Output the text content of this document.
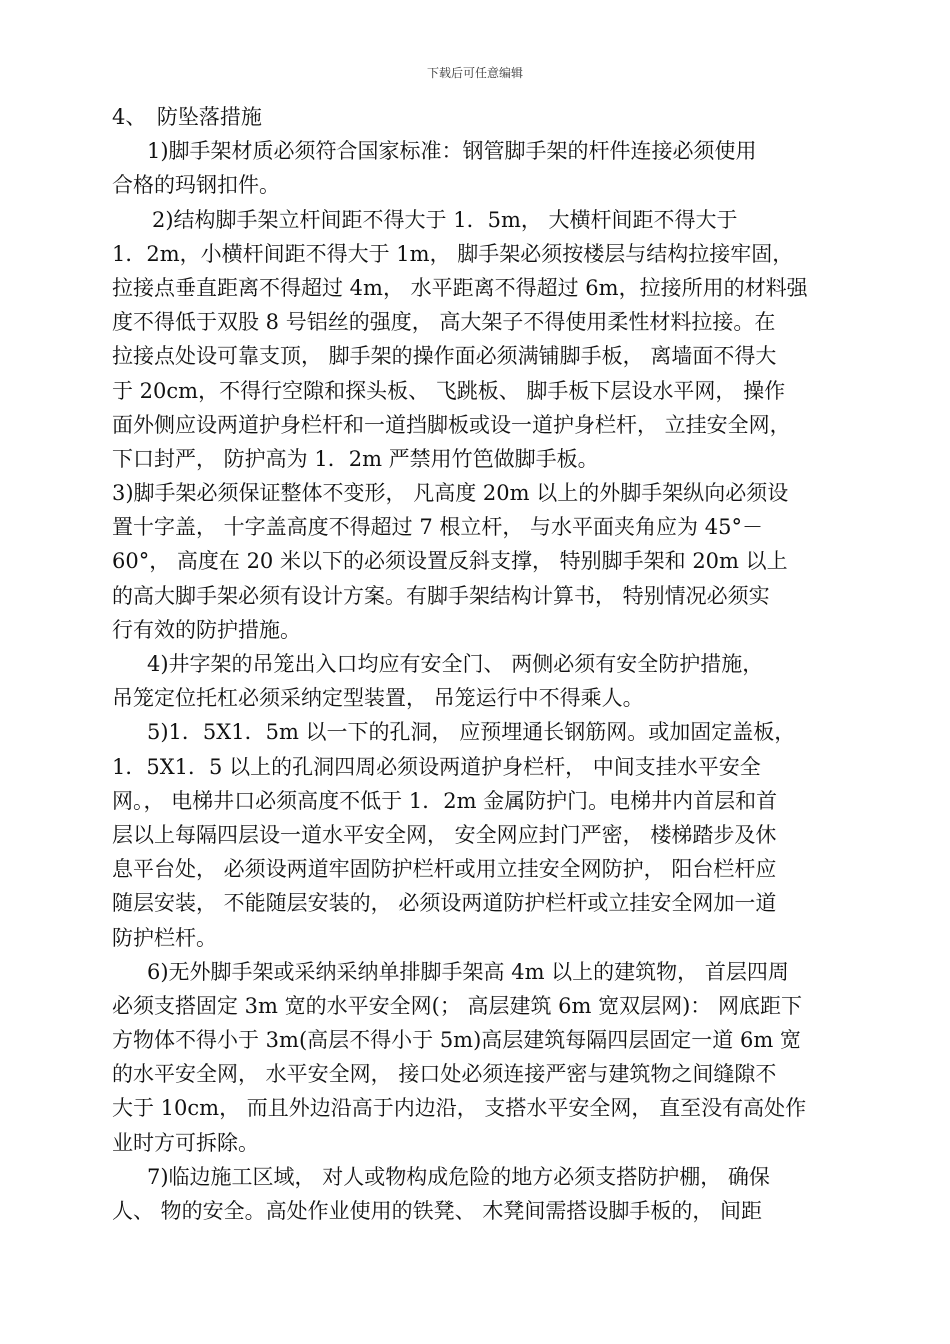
下载后可任意编辑
4、　防坠落措施
1)脚手架材质必须符合国家标准：钢管脚手架的杆件连接必须使用
合格的玛钢扣件。
2)结构脚手架立杆间距不得大于 1．5m， 大横杆间距不得大于
1．2m，小横杆间距不得大于 1m， 脚手架必须按楼层与结构拉接牢固，
拉接点垂直距离不得超过 4m， 水平距离不得超过 6m，拉接所用的材料强
度不得低于双股 8 号铝丝的强度， 高大架子不得使用柔性材料拉接。在
拉接点处设可靠支顶， 脚手架的操作面必须满铺脚手板， 离墙面不得大
于 20cm，不得行空隙和探头板、 飞跳板、 脚手板下层设水平网， 操作
面外侧应设两道护身栏杆和一道挡脚板或设一道护身栏杆， 立挂安全网，
下口封严， 防护高为 1．2m 严禁用竹笆做脚手板。
3)脚手架必须保证整体不变形， 凡高度 20m 以上的外脚手架纵向必须设
置十字盖， 十字盖高度不得超过 7 根立杆， 与水平面夹角应为 45°－
60°， 高度在 20 米以下的必须设置反斜支撑， 特别脚手架和 20m 以上
的高大脚手架必须有设计方案。有脚手架结构计算书， 特别情况必须实
行有效的防护措施。
4)井字架的吊笼出入口均应有安全门、 两侧必须有安全防护措施，
吊笼定位托杠必须采纳定型装置， 吊笼运行中不得乘人。
5)1．5X1．5m 以一下的孔洞， 应预埋通长钢筋网。或加固定盖板，
1．5X1．5 以上的孔洞四周必须设两道护身栏杆， 中间支挂水平安全
网。， 电梯井口必须高度不低于 1．2m 金属防护门。电梯井内首层和首
层以上每隔四层设一道水平安全网， 安全网应封门严密， 楼梯踏步及休
息平台处， 必须设两道牢固防护栏杆或用立挂安全网防护， 阳台栏杆应
随层安装， 不能随层安装的， 必须设两道防护栏杆或立挂安全网加一道
防护栏杆。
6)无外脚手架或采纳采纳单排脚手架高 4m 以上的建筑物， 首层四周
必须支搭固定 3m 宽的水平安全网(； 高层建筑 6m 宽双层网)： 网底距下
方物体不得小于 3m(高层不得小于 5m)高层建筑每隔四层固定一道 6m 宽
的水平安全网， 水平安全网， 接口处必须连接严密与建筑物之间缝隙不
大于 10cm， 而且外边沿高于内边沿， 支搭水平安全网， 直至没有高处作
业时方可拆除。
7)临边施工区域， 对人或物构成危险的地方必须支搭防护棚， 确保
人、 物的安全。高处作业使用的铁凳、 木凳间需搭设脚手板的， 间距
